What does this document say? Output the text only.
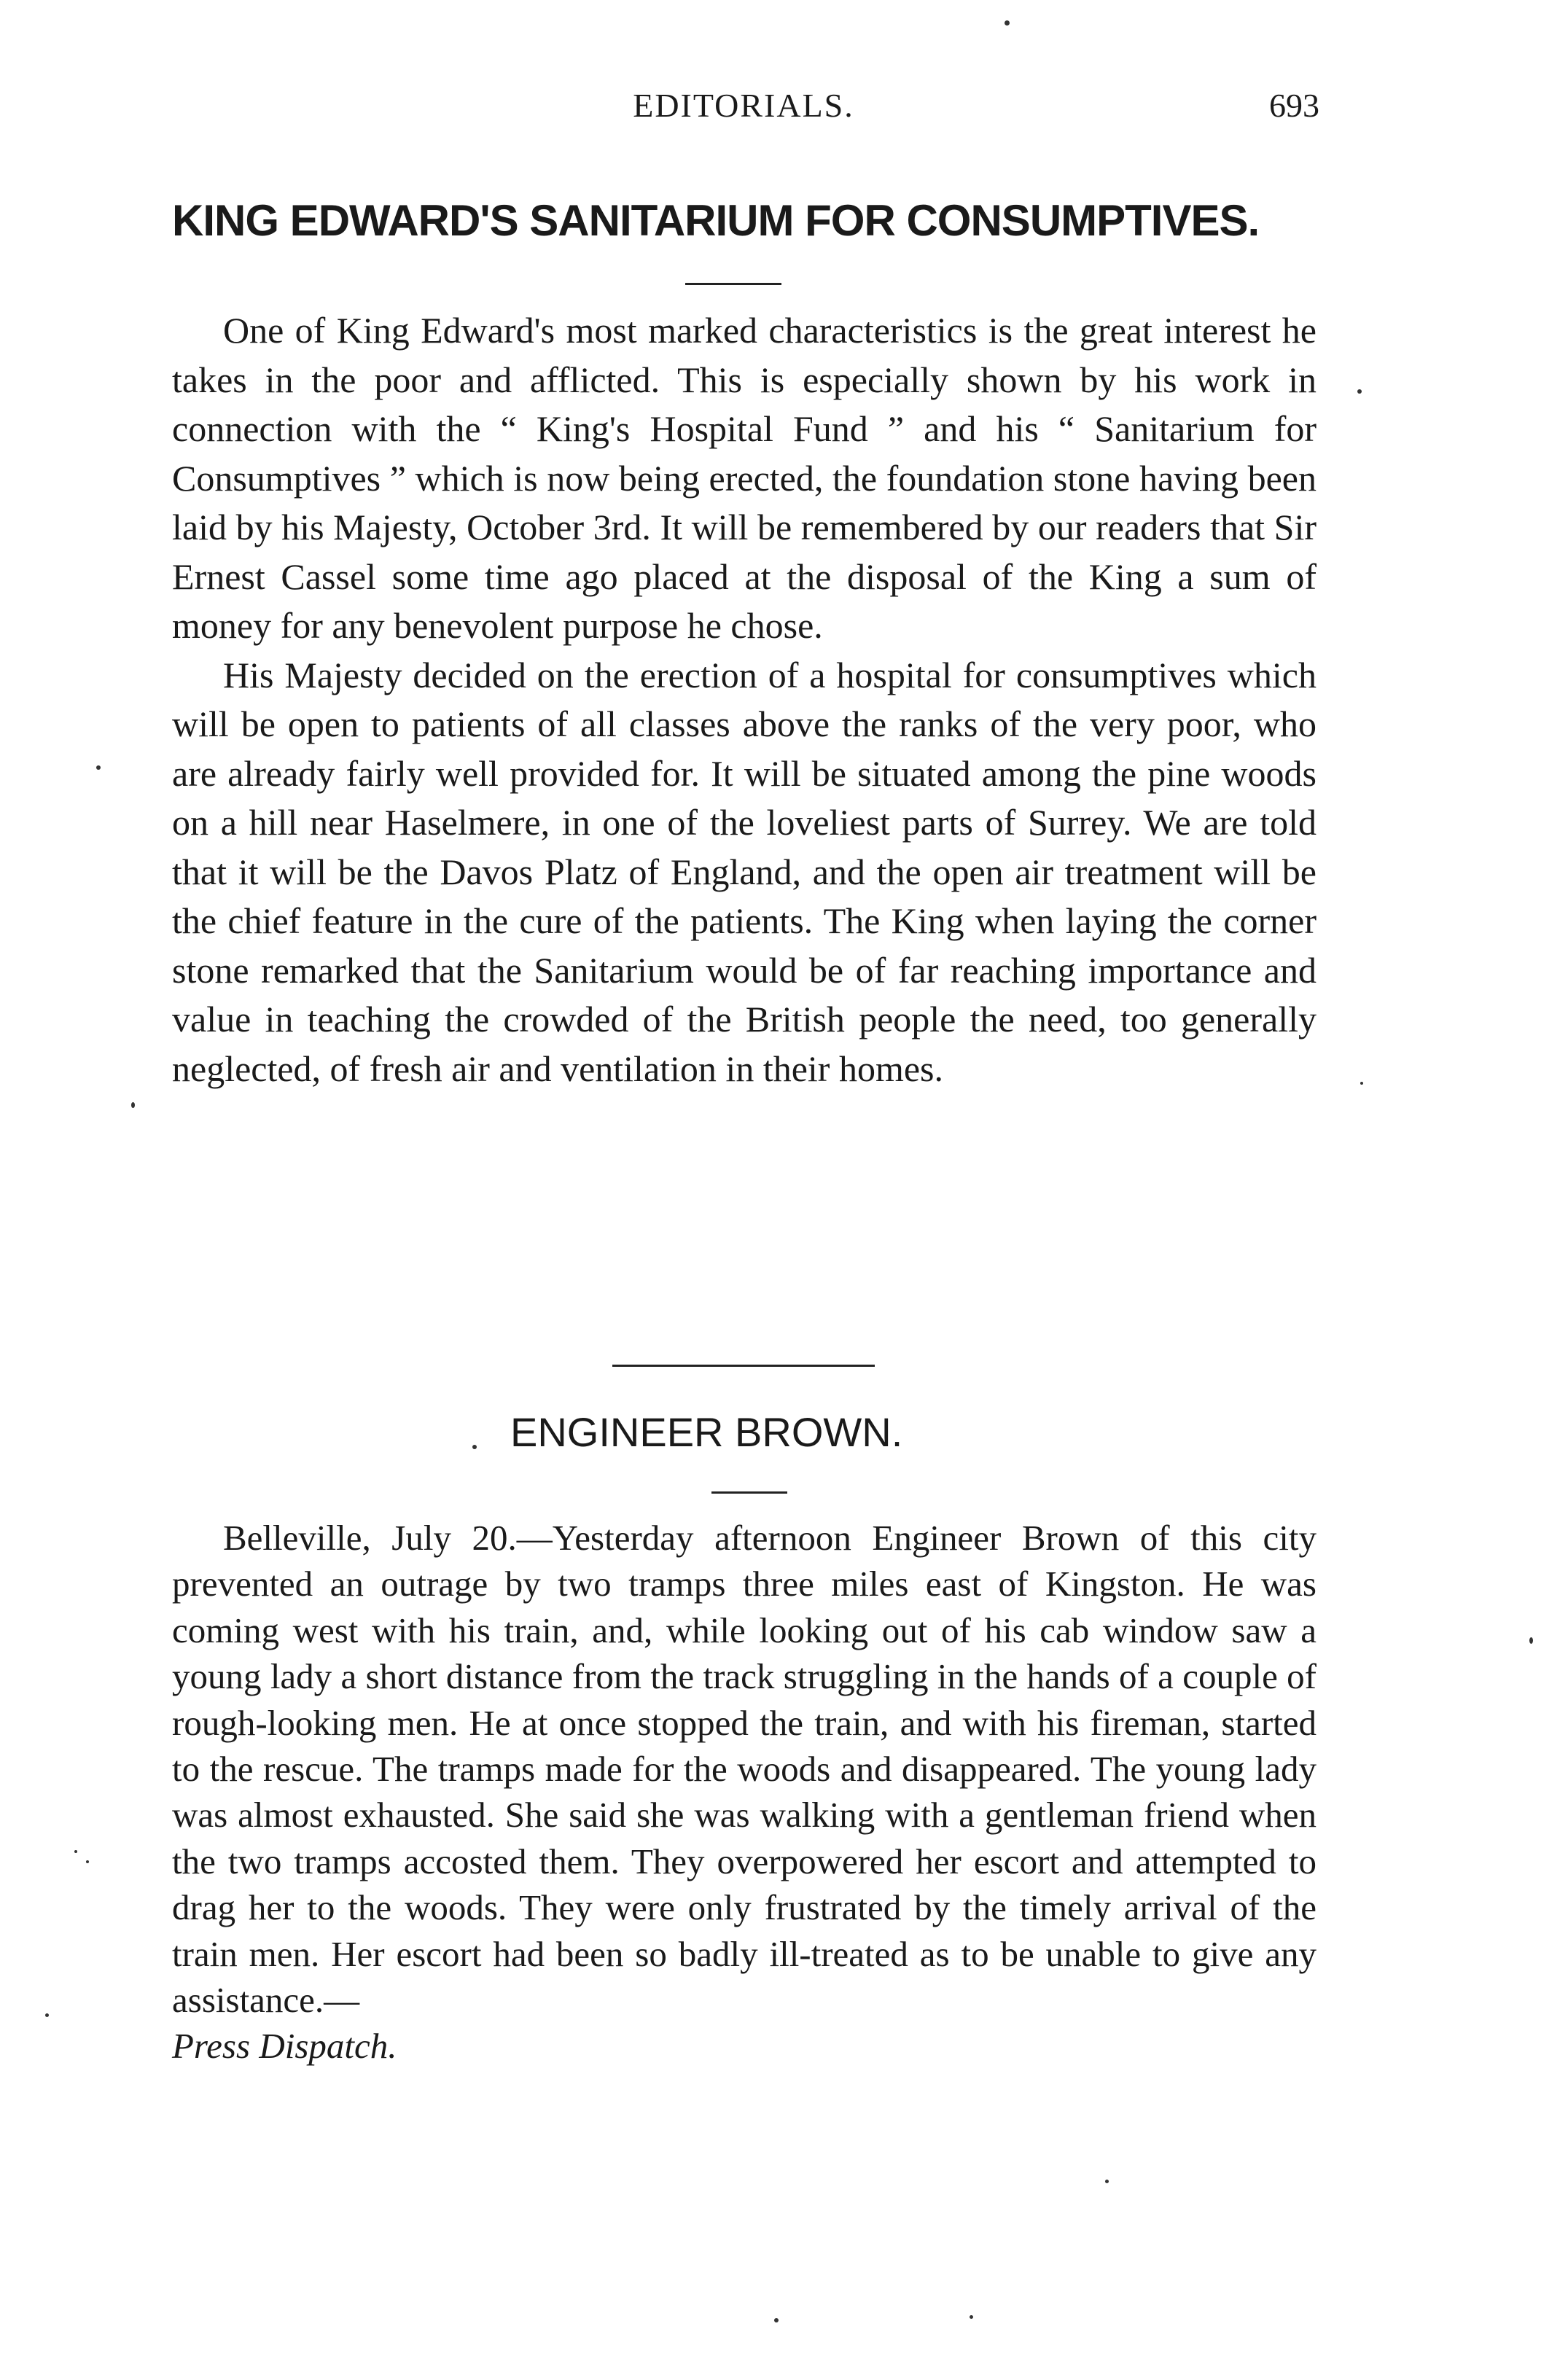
EDITORIALS.	693
KING EDWARD'S SANITARIUM FOR CONSUMPTIVES.

One of King Edward's most marked characteristics is the great interest he takes in the poor and afflicted. This is especially shown by his work in connection with the “ King's Hospital Fund ” and his “ Sanitarium for Consumptives ” which is now being erected, the foundation stone having been laid by his Majesty, October 3rd. It will be remembered by our readers that Sir Ernest Cassel some time ago placed at the disposal of the King a sum of money for any benevolent purpose he chose.

His Majesty decided on the erection of a hospital for consumptives which will be open to patients of all classes above the ranks of the very poor, who are already fairly well provided for. It will be situated among the pine woods on a hill near Haselmere, in one of the loveliest parts of Surrey. We are told that it will be the Davos Platz of England, and the open air treatment will be the chief feature in the cure of the patients. The King when laying the corner stone remarked that the Sanitarium would be of far reaching importance and value in teaching the crowded of the British people the need, too generally neglected, of fresh air and ventilation in their homes.

ENGINEER BROWN.

Belleville, July 20.—Yesterday afternoon Engineer Brown of this city prevented an outrage by two tramps three miles east of Kingston. He was coming west with his train, and, while looking out of his cab window saw a young lady a short distance from the track struggling in the hands of a couple of rough-looking men. He at once stopped the train, and with his fireman, started to the rescue. The tramps made for the woods and disappeared. The young lady was almost exhausted. She said she was walking with a gentleman friend when the two tramps accosted them. They overpowered her escort and attempted to drag her to the woods. They were only frustrated by the timely arrival of the train men. Her escort had been so badly ill-treated as to be unable to give any assistance.—
Press Dispatch.
